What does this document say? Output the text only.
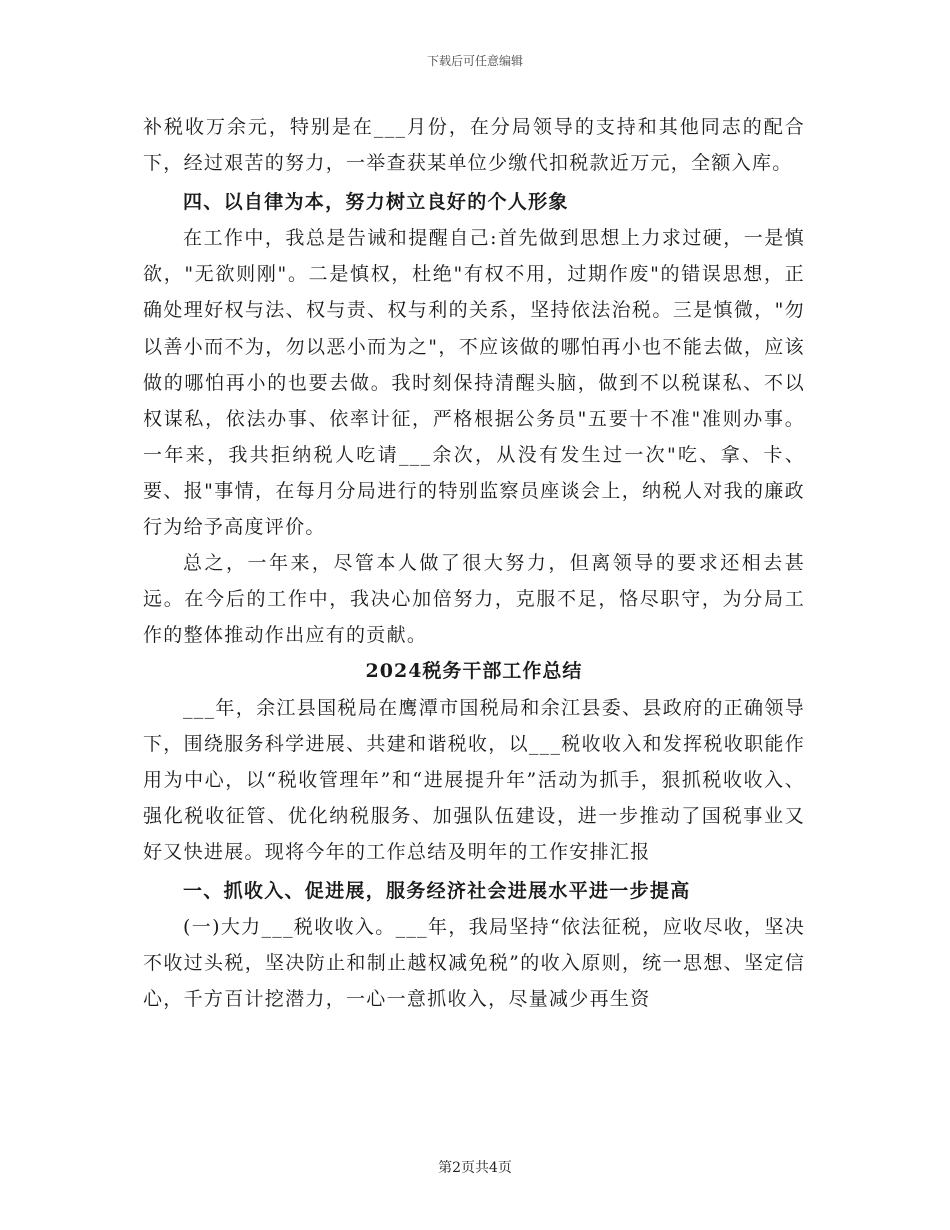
下载后可任意编辑

补税收万余元，特别是在___月份，在分局领导的支持和其他同志的配合下，经过艰苦的努力，一举查获某单位少缴代扣税款近万元，全额入库。

四、以自律为本，努力树立良好的个人形象

在工作中，我总是告诫和提醒自己:首先做到思想上力求过硬，一是慎欲，"无欲则刚"。二是慎权，杜绝"有权不用，过期作废"的错误思想，正确处理好权与法、权与责、权与利的关系，坚持依法治税。三是慎微，"勿以善小而不为，勿以恶小而为之"，不应该做的哪怕再小也不能去做，应该做的哪怕再小的也要去做。我时刻保持清醒头脑，做到不以税谋私、不以权谋私，依法办事、依率计征，严格根据公务员"五要十不准"准则办事。一年来，我共拒纳税人吃请___余次，从没有发生过一次"吃、拿、卡、要、报"事情，在每月分局进行的特别监察员座谈会上，纳税人对我的廉政行为给予高度评价。

总之，一年来，尽管本人做了很大努力，但离领导的要求还相去甚远。在今后的工作中，我决心加倍努力，克服不足，恪尽职守，为分局工作的整体推动作出应有的贡献。

2024税务干部工作总结

___年，余江县国税局在鹰潭市国税局和余江县委、县政府的正确领导下，围绕服务科学进展、共建和谐税收，以___税收收入和发挥税收职能作用为中心，以“税收管理年”和“进展提升年”活动为抓手，狠抓税收收入、强化税收征管、优化纳税服务、加强队伍建设，进一步推动了国税事业又好又快进展。现将今年的工作总结及明年的工作安排汇报

一、抓收入、促进展，服务经济社会进展水平进一步提高

(一)大力___税收收入。___年，我局坚持“依法征税，应收尽收，坚决不收过头税，坚决防止和制止越权减免税”的收入原则，统一思想、坚定信心，千方百计挖潜力，一心一意抓收入，尽量减少再生资

第2页共4页
